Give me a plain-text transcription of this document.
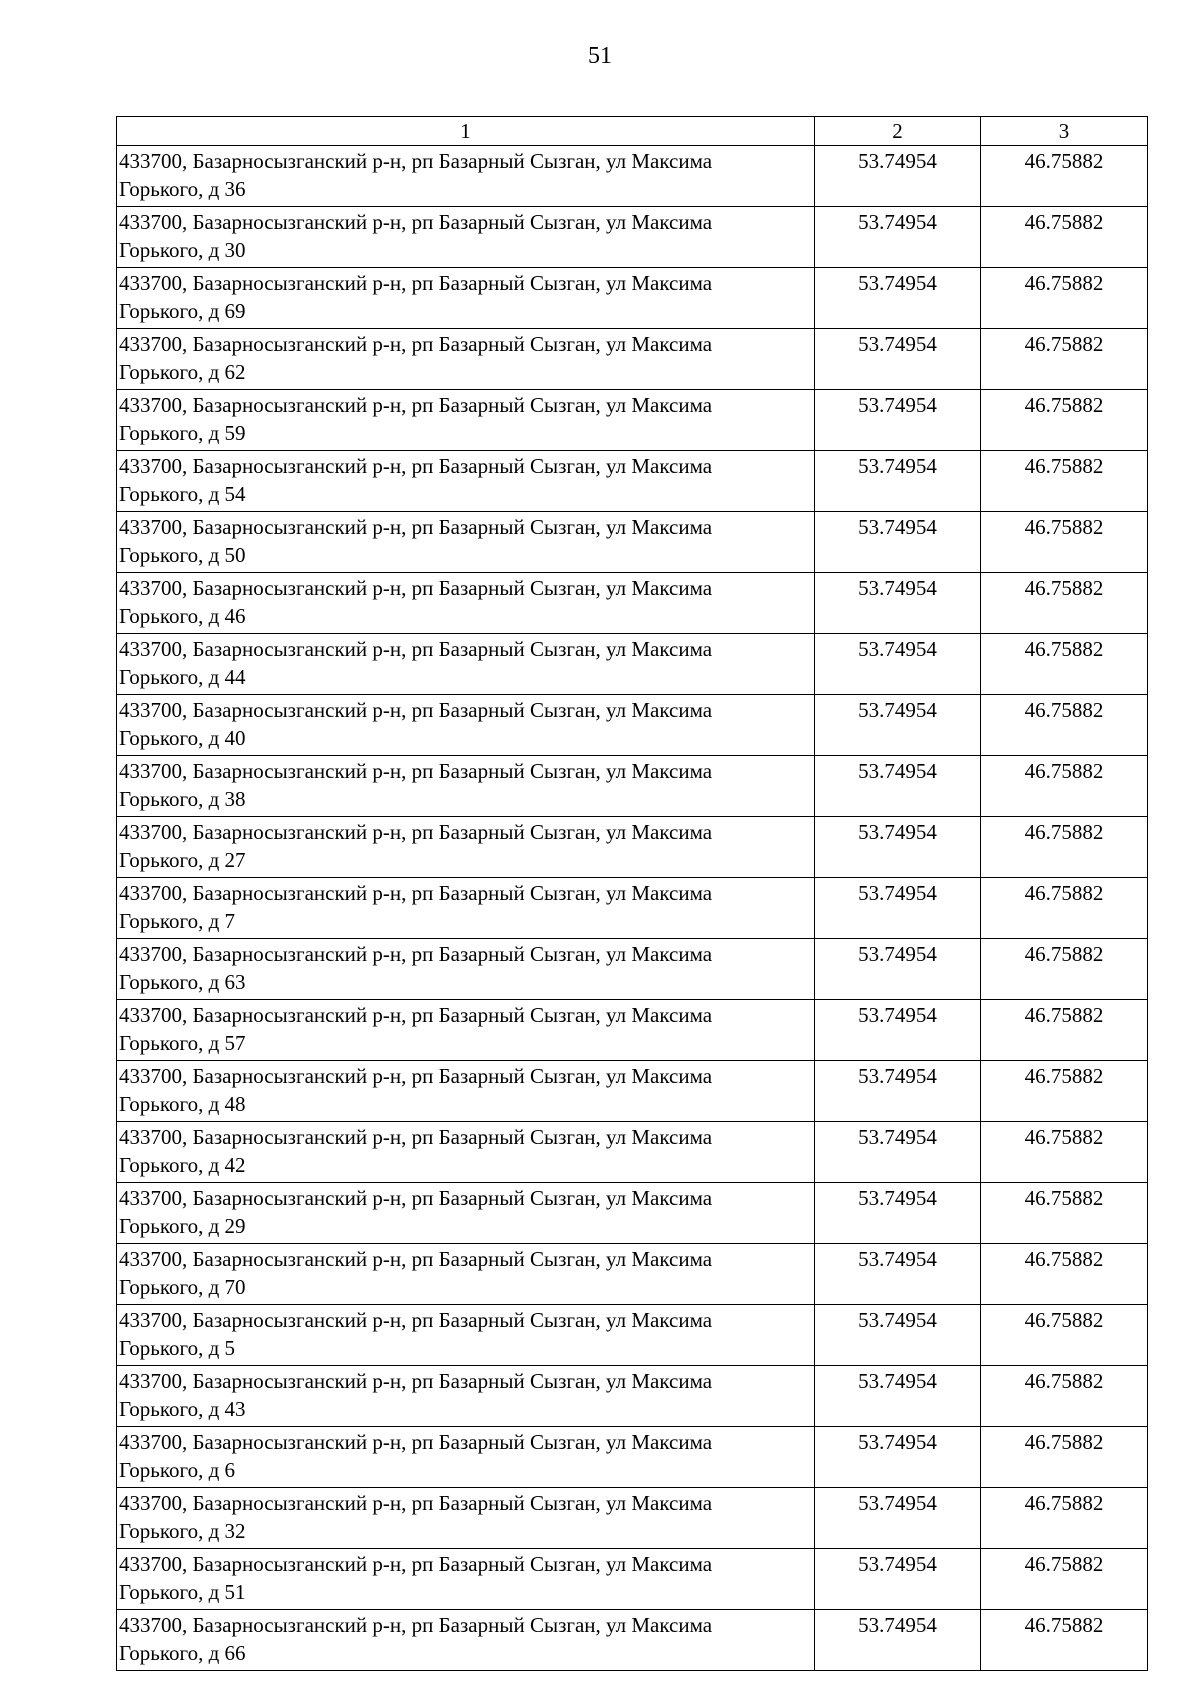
51
1	2	3

433700, Базарносызганский р-н, рп Базарный Сызган, ул Максима
Горького, д 36	53.74954	46.75882

433700, Базарносызганский р-н, рп Базарный Сызган, ул Максима
Горького, д 30	53.74954	46.75882

433700, Базарносызганский р-н, рп Базарный Сызган, ул Максима
Горького, д 69	53.74954	46.75882

433700, Базарносызганский р-н, рп Базарный Сызган, ул Максима
Горького, д 62	53.74954	46.75882

433700, Базарносызганский р-н, рп Базарный Сызган, ул Максима
Горького, д 59	53.74954	46.75882

433700, Базарносызганский р-н, рп Базарный Сызган, ул Максима
Горького, д 54	53.74954	46.75882

433700, Базарносызганский р-н, рп Базарный Сызган, ул Максима
Горького, д 50	53.74954	46.75882

433700, Базарносызганский р-н, рп Базарный Сызган, ул Максима
Горького, д 46	53.74954	46.75882

433700, Базарносызганский р-н, рп Базарный Сызган, ул Максима
Горького, д 44	53.74954	46.75882

433700, Базарносызганский р-н, рп Базарный Сызган, ул Максима
Горького, д 40	53.74954	46.75882

433700, Базарносызганский р-н, рп Базарный Сызган, ул Максима
Горького, д 38	53.74954	46.75882

433700, Базарносызганский р-н, рп Базарный Сызган, ул Максима
Горького, д 27	53.74954	46.75882

433700, Базарносызганский р-н, рп Базарный Сызган, ул Максима
Горького, д 7	53.74954	46.75882

433700, Базарносызганский р-н, рп Базарный Сызган, ул Максима
Горького, д 63	53.74954	46.75882

433700, Базарносызганский р-н, рп Базарный Сызган, ул Максима
Горького, д 57	53.74954	46.75882

433700, Базарносызганский р-н, рп Базарный Сызган, ул Максима
Горького, д 48	53.74954	46.75882

433700, Базарносызганский р-н, рп Базарный Сызган, ул Максима
Горького, д 42	53.74954	46.75882

433700, Базарносызганский р-н, рп Базарный Сызган, ул Максима
Горького, д 29	53.74954	46.75882

433700, Базарносызганский р-н, рп Базарный Сызган, ул Максима
Горького, д 70	53.74954	46.75882

433700, Базарносызганский р-н, рп Базарный Сызган, ул Максима
Горького, д 5	53.74954	46.75882

433700, Базарносызганский р-н, рп Базарный Сызган, ул Максима
Горького, д 43	53.74954	46.75882

433700, Базарносызганский р-н, рп Базарный Сызган, ул Максима
Горького, д 6	53.74954	46.75882

433700, Базарносызганский р-н, рп Базарный Сызган, ул Максима
Горького, д 32	53.74954	46.75882

433700, Базарносызганский р-н, рп Базарный Сызган, ул Максима
Горького, д 51	53.74954	46.75882

433700, Базарносызганский р-н, рп Базарный Сызган, ул Максима
Горького, д 66	53.74954	46.75882
